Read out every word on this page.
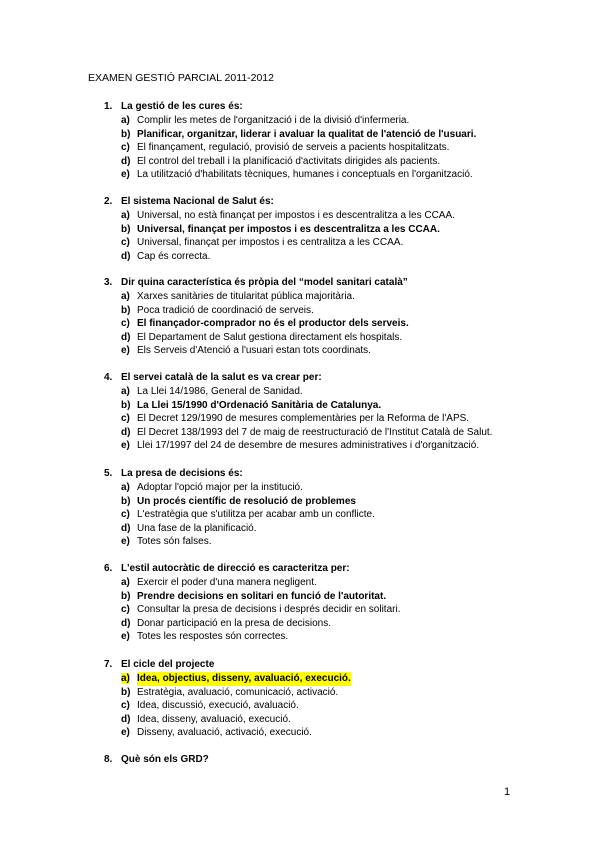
EXAMEN GESTIÓ PARCIAL 2011-2012
1. La gestió de les cures és:
a) Complir les metes de l'organització i de la divisió d'infermeria.
b) Planificar, organitzar, liderar i avaluar la qualitat de l'atenció de l'usuari.
c) El finançament, regulació, provisió de serveis a pacients hospitalitzats.
d) El control del treball i la planificació d'activitats dirigides als pacients.
e) La utilització d'habilitats tècniques, humanes i conceptuals en l'organització.
2. El sistema Nacional de Salut és:
a) Universal, no està finançat per impostos i es descentralitza a les CCAA.
b) Universal, finançat per impostos i es descentralitza a les CCAA.
c) Universal, finançat per impostos i es centralitza a les CCAA.
d) Cap és correcta.
3. Dir quina característica és pròpia del “model sanitari català”
a) Xarxes sanitàries de titularitat pública majoritària.
b) Poca tradició de coordinació de serveis.
c) El finançador-comprador no és el productor dels serveis.
d) El Departament de Salut gestiona directament els hospitals.
e) Els Serveis d'Atenció a l'usuari estan tots coordinats.
4. El servei català de la salut es va crear per:
a) La Llei 14/1986, General de Sanidad.
b) La Llei 15/1990 d'Ordenació Sanitària de Catalunya.
c) El Decret 129/1990 de mesures complementàries per la Reforma de l'APS.
d) El Decret 138/1993 del 7 de maig de reestructuració de l'Institut Català de Salut.
e) Llei 17/1997 del 24 de desembre de mesures administratives i d'organització.
5. La presa de decisions és:
a) Adoptar l'opció major per la institució.
b) Un procés científic de resolució de problemes
c) L'estratègia que s'utilitza per acabar amb un conflicte.
d) Una fase de la planificació.
e) Totes són falses.
6. L'estil autocràtic de direcció es caracteritza per:
a) Exercir el poder d'una manera negligent.
b) Prendre decisions en solitari en funció de l'autoritat.
c) Consultar la presa de decisions i després decidir en solitari.
d) Donar participació en la presa de decisions.
e) Totes les respostes són correctes.
7. El cicle del projecte
a) Idea, objectius, disseny, avaluació, execució.
b) Estratègia, avaluació, comunicació, activació.
c) Idea, discussió, execució, avaluació.
d) Idea, disseny, avaluació, execució.
e) Disseny, avaluació, activació, execució.
8. Què són els GRD?
1
